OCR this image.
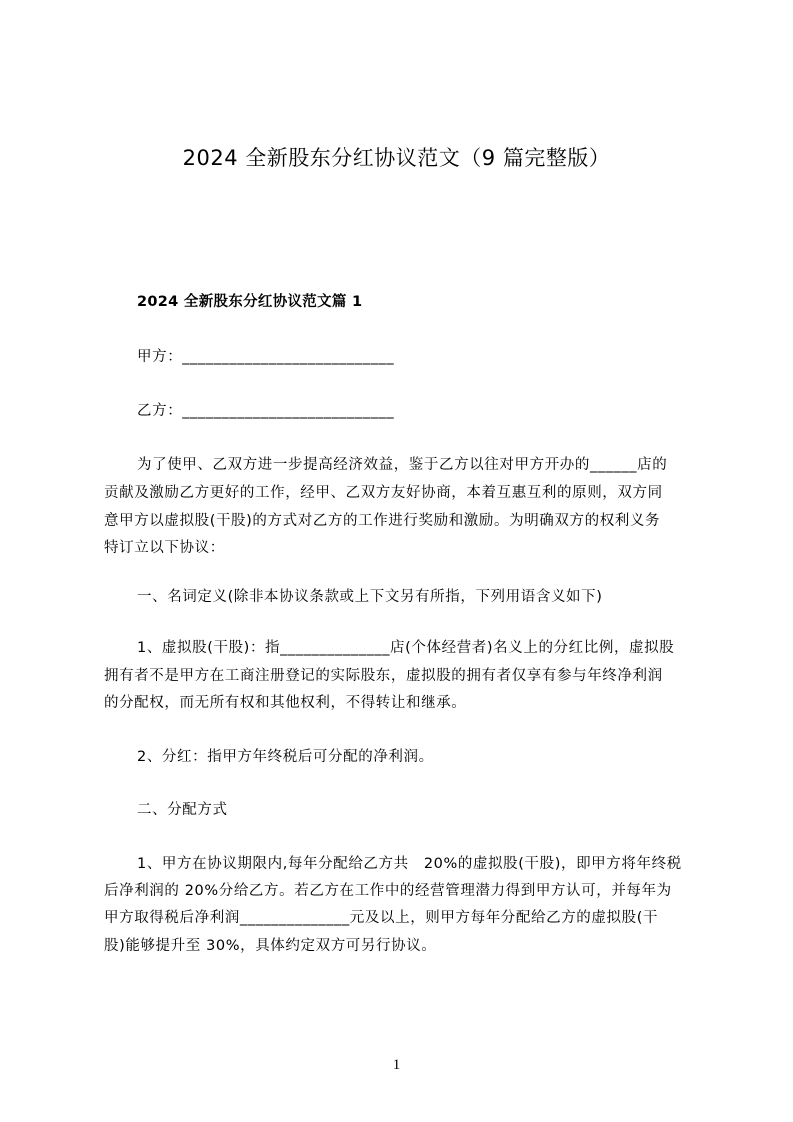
2024 全新股东分红协议范文（9 篇完整版）
2024 全新股东分红协议范文篇 1
甲方：___________________________
乙方：___________________________
为了使甲、乙双方进一步提高经济效益，鉴于乙方以往对甲方开办的______店的
贡献及激励乙方更好的工作，经甲、乙双方友好协商，本着互惠互利的原则，双方同
意甲方以虚拟股(干股)的方式对乙方的工作进行奖励和激励。为明确双方的权利义务
特订立以下协议：
一、名词定义(除非本协议条款或上下文另有所指，下列用语含义如下)
1、虚拟股(干股)：指______________店(个体经营者)名义上的分红比例，虚拟股
拥有者不是甲方在工商注册登记的实际股东，虚拟股的拥有者仅享有参与年终净利润
的分配权，而无所有权和其他权利，不得转让和继承。
2、分红：指甲方年终税后可分配的净利润。
二、分配方式
1、甲方在协议期限内,每年分配给乙方共　20%的虚拟股(干股)，即甲方将年终税
后净利润的 20%分给乙方。若乙方在工作中的经营管理潜力得到甲方认可，并每年为
甲方取得税后净利润______________元及以上，则甲方每年分配给乙方的虚拟股(干
股)能够提升至 30%，具体约定双方可另行协议。
1
